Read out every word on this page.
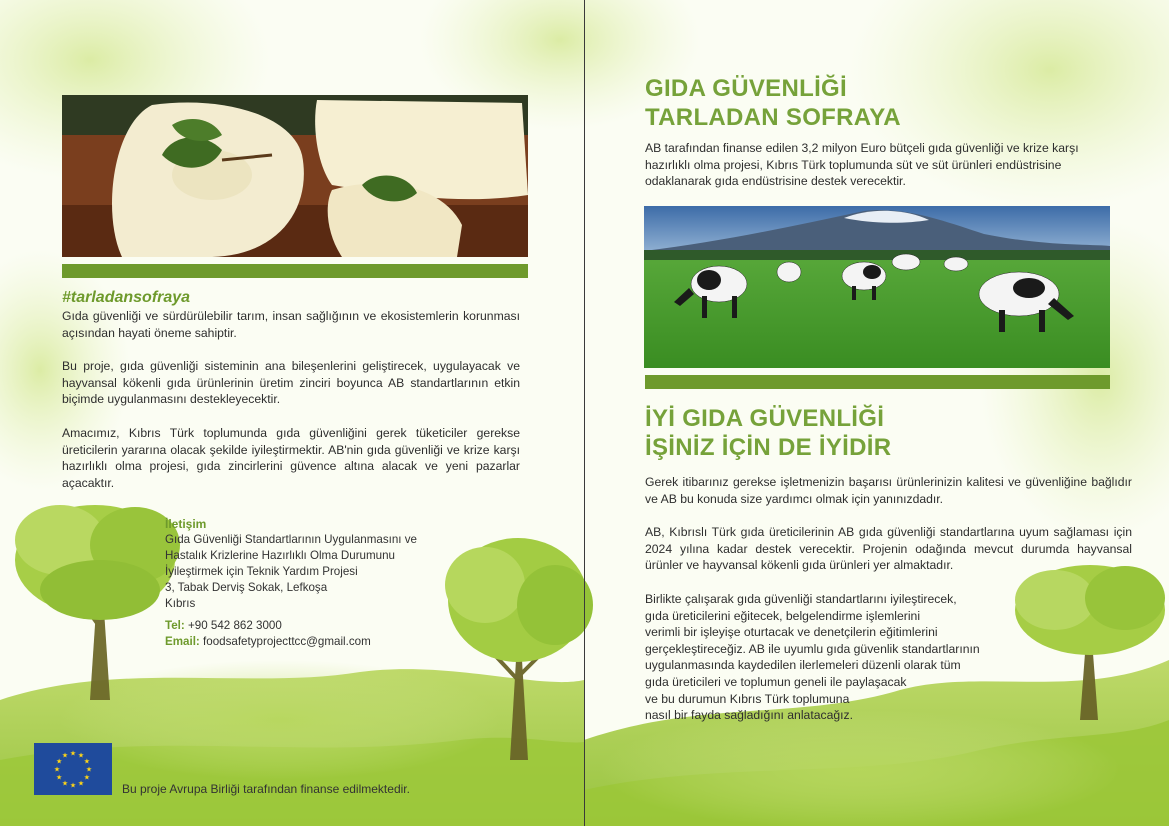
#tarladansofraya
Gıda güvenliği ve sürdürülebilir tarım, insan sağlığının ve ekosistemlerin korunması açısından hayati öneme sahiptir.
Bu proje, gıda güvenliği sisteminin ana bileşenlerini geliştirecek, uygulayacak ve hayvansal kökenli gıda ürünlerinin üretim zinciri boyunca AB standartlarının etkin biçimde uygulanmasını destekleyecektir.
Amacımız, Kıbrıs Türk toplumunda gıda güvenliğini gerek tüketiciler gerekse üreticilerin yararına olacak şekilde iyileştirmektir. AB'nin gıda güvenliği ve krize karşı hazırlıklı olma projesi, gıda zincirlerini güvence altına alacak ve yeni pazarlar açacaktır.
İletişim
Gıda Güvenliği Standartlarının Uygulanmasını ve
Hastalık Krizlerine Hazırlıklı Olma Durumunu
İyileştirmek için Teknik Yardım Projesi
3, Tabak Derviş Sokak, Lefkoşa
Kıbrıs
Tel: +90 542 862 3000
Email: foodsafetyprojecttcc@gmail.com
★ ★
★
★
★
★
★
★
★
★
★
★
Bu proje Avrupa Birliği tarafından finanse edilmektedir.
GIDA GÜVENLİĞİ
TARLADAN SOFRAYA
AB tarafından finanse edilen 3,2 milyon Euro bütçeli gıda güvenliği ve krize karşı hazırlıklı olma projesi, Kıbrıs Türk toplumunda süt ve süt ürünleri endüstrisine odaklanarak gıda endüstrisine destek verecektir.
İYİ GIDA GÜVENLİĞİ
İŞİNİZ İÇİN DE İYİDİR
Gerek itibarınız gerekse işletmenizin başarısı ürünlerinizin kalitesi ve güvenliğine bağlıdır ve AB bu konuda size yardımcı olmak için yanınızdadır.
AB, Kıbrıslı Türk gıda üreticilerinin AB gıda güvenliği standartlarına uyum sağlaması için 2024 yılına kadar destek verecektir. Projenin odağında mevcut durumda hayvansal ürünler ve hayvansal kökenli gıda ürünleri yer almaktadır.
Birlikte çalışarak gıda güvenliği standartlarını iyileştirecek,
gıda üreticilerini eğitecek, belgelendirme işlemlerini
verimli bir işleyişe oturtacak ve denetçilerin eğitimlerini
gerçekleştireceğiz. AB ile uyumlu gıda güvenlik standartlarının
uygulanmasında kaydedilen ilerlemeleri düzenli olarak tüm
gıda üreticileri ve toplumun geneli ile paylaşacak
ve bu durumun Kıbrıs Türk toplumuna
nasıl bir fayda sağladığını anlatacağız.
